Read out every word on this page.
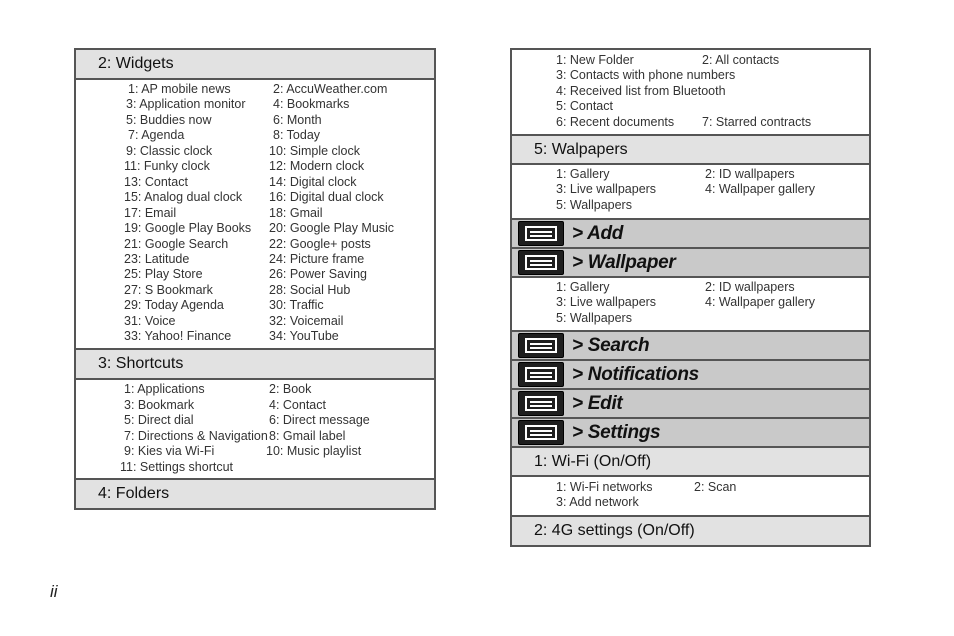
2: Widgets
1: AP mobile news	2: AccuWeather.com
3: Application monitor 4: Bookmarks
5: Buddies now	6: Month
7: Agenda	8: Today
9: Classic clock	10: Simple clock
11: Funky clock	12: Modern clock
13: Contact	14: Digital clock
15: Analog dual clock 16: Digital dual clock
17: Email	18: Gmail
19: Google Play Books 20: Google Play Music
21: Google Search	22: Google+ posts
23: Latitude	24: Picture frame
25: Play Store	26: Power Saving
27: S Bookmark	28: Social Hub
29: Today Agenda	30: Traffic
31: Voice	32: Voicemail
33: Yahoo! Finance	34: YouTube
3: Shortcuts
1: Applications	2: Book
3: Bookmark	4: Contact
5: Direct dial	6: Direct message
7: Directions & Navigation 8: Gmail label
9: Kies via Wi-Fi	10: Music playlist
11: Settings shortcut
4: Folders
1: New Folder	2: All contacts
3: Contacts with phone numbers
4: Received list from Bluetooth
5: Contact
6: Recent documents 7: Starred contracts
5: Walpapers
1: Gallery	2: ID wallpapers
3: Live wallpapers	4: Wallpaper gallery
5: Wallpapers
> Add
> Wallpaper
1: Gallery	2: ID wallpapers
3: Live wallpapers	4: Wallpaper gallery
5: Wallpapers
> Search
> Notifications
> Edit
> Settings
1: Wi-Fi (On/Off)
1: Wi-Fi networks	2: Scan
3: Add network
2: 4G settings (On/Off)
ii
